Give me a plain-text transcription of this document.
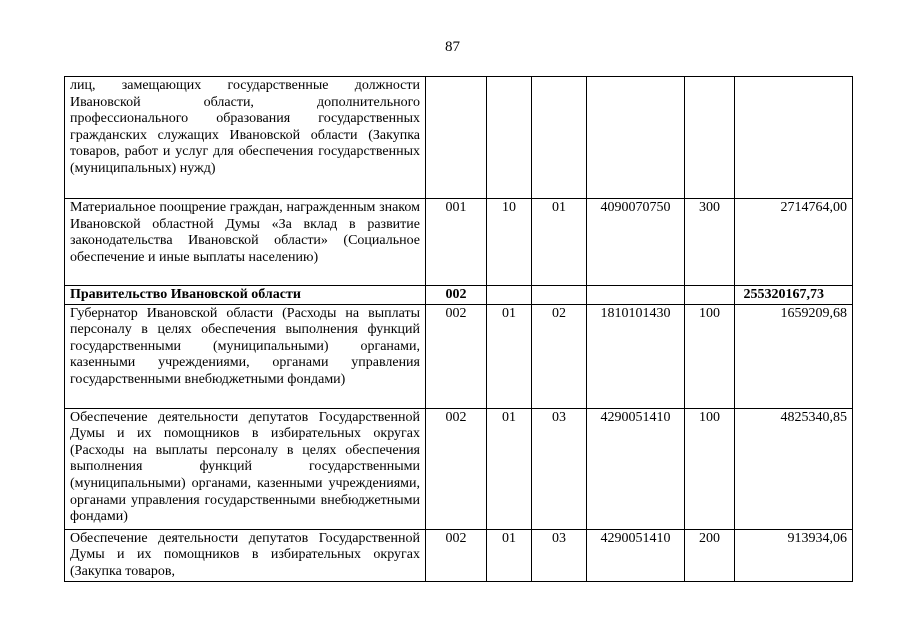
87
лиц, замещающих государственные должности Ивановской области, дополнительного профессионального образования государственных гражданских служащих Ивановской области (Закупка товаров, работ и услуг для обеспечения государственных (муниципальных) нужд)						
Материальное поощрение граждан, награжденным знаком Ивановской областной Думы «За вклад в развитие законодательства Ивановской области» (Социальное обеспечение и иные выплаты населению)	001	10	01	4090070750	300	2714764,00
Правительство Ивановской области	002					255320167,73
Губернатор Ивановской области (Расходы на выплаты персоналу в целях обеспечения выполнения функций государственными (муниципальными) органами, казенными учреждениями, органами управления государственными внебюджетными фондами)	002	01	02	1810101430	100	1659209,68
Обеспечение деятельности депутатов Государственной Думы и их помощников в избирательных округах (Расходы на выплаты персоналу в целях обеспечения выполнения функций государственными (муниципальными) органами, казенными учреждениями, органами управления государственными внебюджетными фондами)	002	01	03	4290051410	100	4825340,85
Обеспечение деятельности депутатов Государственной Думы и их помощников в избирательных округах (Закупка товаров,	002	01	03	4290051410	200	913934,06
